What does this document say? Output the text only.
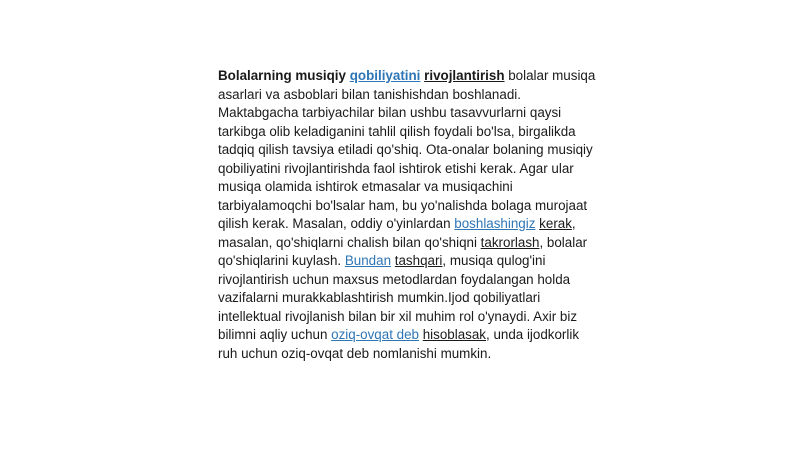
Bolalarning musiqiy qobiliyatini rivojlantirish bolalar musiqa asarlari va asboblari bilan tanishishdan boshlanadi. Maktabgacha tarbiyachilar bilan ushbu tasavvurlarni qaysi tarkibga olib keladiganini tahlil qilish foydali bo'lsa, birgalikda tadqiq qilish tavsiya etiladi qo'shiq. Ota-onalar bolaning musiqiy qobiliyatini rivojlantirishda faol ishtirok etishi kerak. Agar ular musiqa olamida ishtirok etmasalar va musiqachini tarbiyalamoqchi bo'lsalar ham, bu yo'nalishda bolaga murojaat qilish kerak. Masalan, oddiy o'yinlardan boshlashingiz kerak, masalan, qo'shiqlarni chalish bilan qo'shiqni takrorlash, bolalar qo'shiqlarini kuylash. Bundan tashqari, musiqa qulog'ini rivojlantirish uchun maxsus metodlardan foydalangan holda vazifalarni murakkablashtirish mumkin.Ijod qobiliyatlari intellektual rivojlanish bilan bir xil muhim rol o'ynaydi. Axir biz bilimni aqliy uchun oziq-ovqat deb hisoblasak, unda ijodkorlik ruh uchun oziq-ovqat deb nomlanishi mumkin.
